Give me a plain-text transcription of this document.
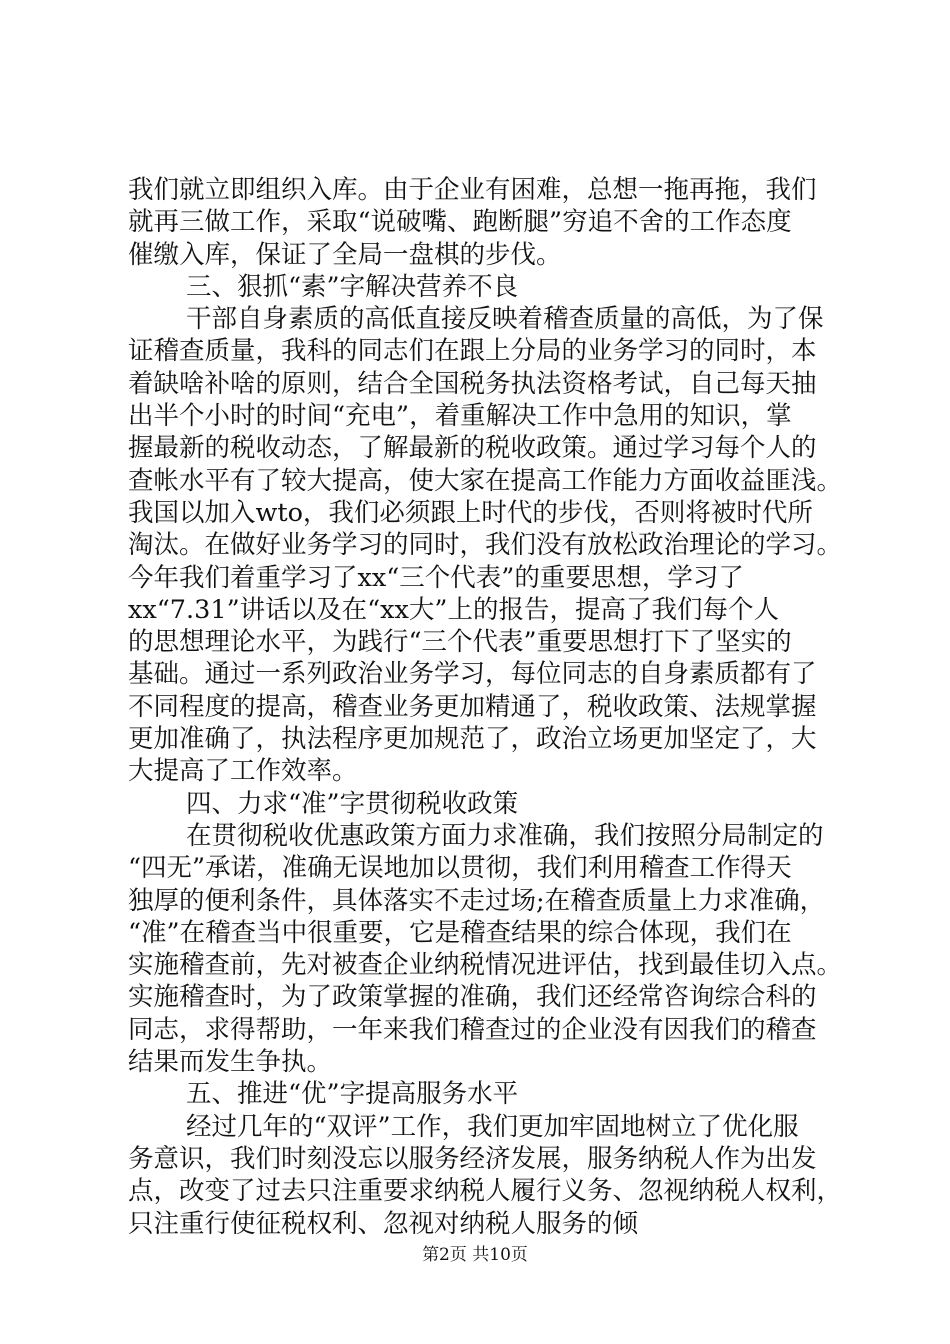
我们就立即组织入库。由于企业有困难，总想一拖再拖，我们
就再三做工作，采取“说破嘴、跑断腿”穷追不舍的工作态度
催缴入库，保证了全局一盘棋的步伐。
三、狠抓“素”字解决营养不良
干部自身素质的高低直接反映着稽查质量的高低，为了保
证稽查质量，我科的同志们在跟上分局的业务学习的同时，本
着缺啥补啥的原则，结合全国税务执法资格考试，自己每天抽
出半个小时的时间“充电”，着重解决工作中急用的知识，掌
握最新的税收动态，了解最新的税收政策。通过学习每个人的
查帐水平有了较大提高，使大家在提高工作能力方面收益匪浅。
我国以加入wto，我们必须跟上时代的步伐，否则将被时代所
淘汰。在做好业务学习的同时，我们没有放松政治理论的学习。
今年我们着重学习了xx“三个代表”的重要思想，学习了
xx“7.31”讲话以及在“xx大”上的报告，提高了我们每个人
的思想理论水平，为践行“三个代表”重要思想打下了坚实的
基础。通过一系列政治业务学习，每位同志的自身素质都有了
不同程度的提高，稽查业务更加精通了，税收政策、法规掌握
更加准确了，执法程序更加规范了，政治立场更加坚定了，大
大提高了工作效率。
四、力求“准”字贯彻税收政策
在贯彻税收优惠政策方面力求准确，我们按照分局制定的
“四无”承诺，准确无误地加以贯彻，我们利用稽查工作得天
独厚的便利条件，具体落实不走过场;在稽查质量上力求准确，
“准”在稽查当中很重要，它是稽查结果的综合体现，我们在
实施稽查前，先对被查企业纳税情况进评估，找到最佳切入点。
实施稽查时，为了政策掌握的准确，我们还经常咨询综合科的
同志，求得帮助，一年来我们稽查过的企业没有因我们的稽查
结果而发生争执。
五、推进“优”字提高服务水平
经过几年的“双评”工作，我们更加牢固地树立了优化服
务意识，我们时刻没忘以服务经济发展，服务纳税人作为出发
点，改变了过去只注重要求纳税人履行义务、忽视纳税人权利，
只注重行使征税权利、忽视对纳税人服务的倾
第2页 共10页
